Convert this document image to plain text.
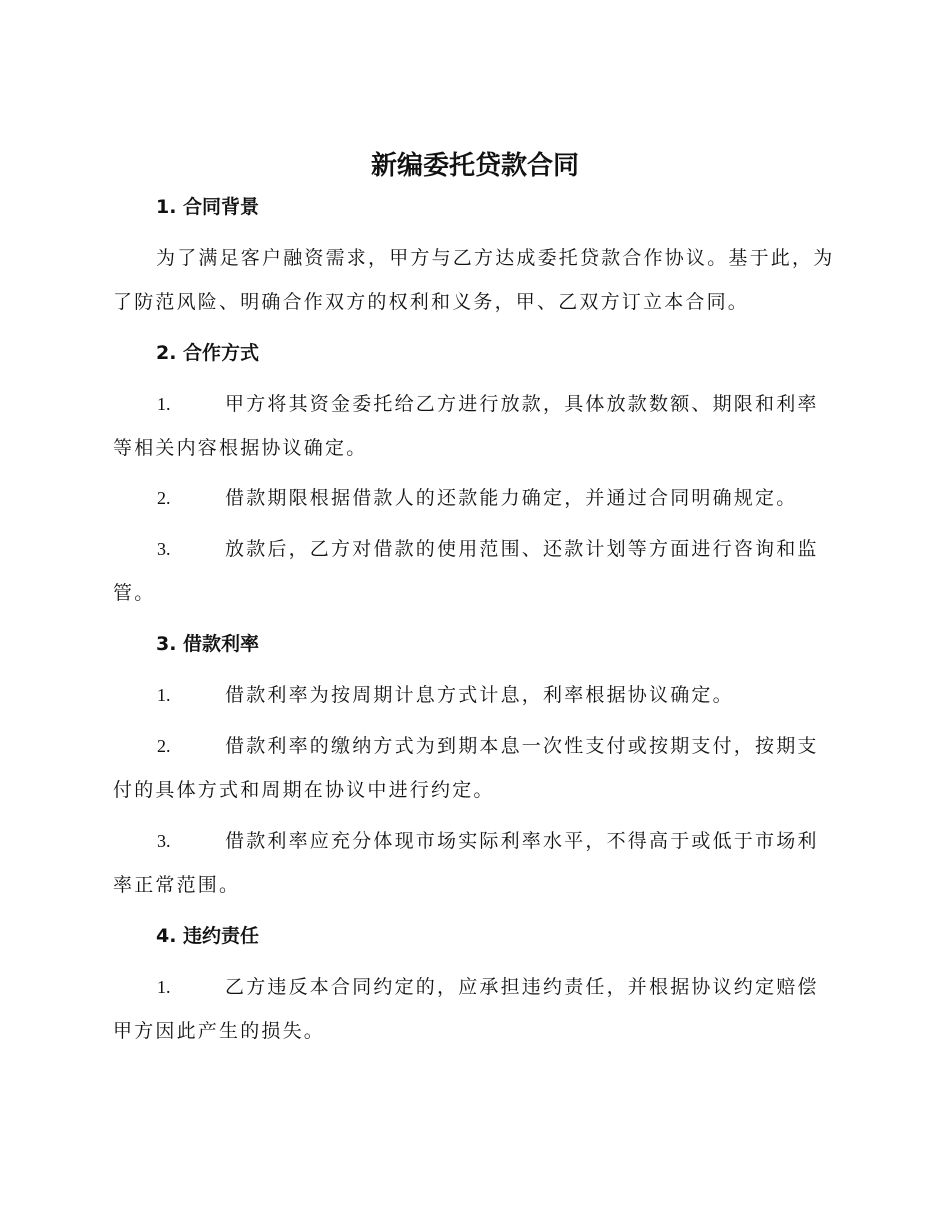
新编委托贷款合同
1. 合同背景

为了满足客户融资需求，甲方与乙方达成委托贷款合作协议。基于此，为了防范风险、明确合作双方的权利和义务，甲、乙双方订立本合同。

2. 合作方式

1.	甲方将其资金委托给乙方进行放款，具体放款数额、期限和利率等相关内容根据协议确定。

2.	借款期限根据借款人的还款能力确定，并通过合同明确规定。

3.	放款后，乙方对借款的使用范围、还款计划等方面进行咨询和监管。

3. 借款利率

1.	借款利率为按周期计息方式计息，利率根据协议确定。

2.	借款利率的缴纳方式为到期本息一次性支付或按期支付，按期支付的具体方式和周期在协议中进行约定。

3.	借款利率应充分体现市场实际利率水平，不得高于或低于市场利率正常范围。

4. 违约责任

1.	乙方违反本合同约定的，应承担违约责任，并根据协议约定赔偿甲方因此产生的损失。
